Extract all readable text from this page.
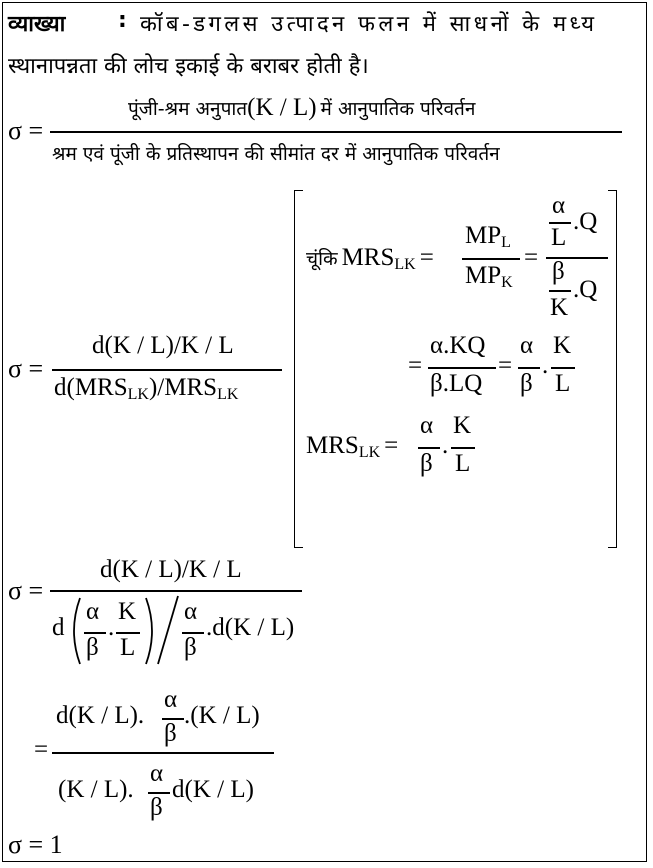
व्याख्या : कॉब-डगलस उत्पादन फलन में साधनों के मध्य
स्थानापन्नता की लोच इकाई के बराबर होती है।
σ =
पूंजी-श्रम अनुपात(K / L) में आनुपातिक परिवर्तन
श्रम एवं पूंजी के प्रतिस्थापन की सीमांत दर में आनुपातिक परिवर्तन
σ =
d(K / L)/K / L
$d(MRS_{LK})/MRS_{LK}$
चूंकि MRSLK =
$MP_L$
$MP_K$
=
α
L
.Q
β
K
.Q
=
α.KQ
β.LQ
=
α
β
.
K
L
MRSLK =
α
β
.
K
L
σ =
d(K / L)/K / L
d
α
β
.
K
L
α
β
.d(K / L)
=
d(K / L).
α
β
.(K / L)
(K / L).
α
β
d(K / L)
σ = 1
